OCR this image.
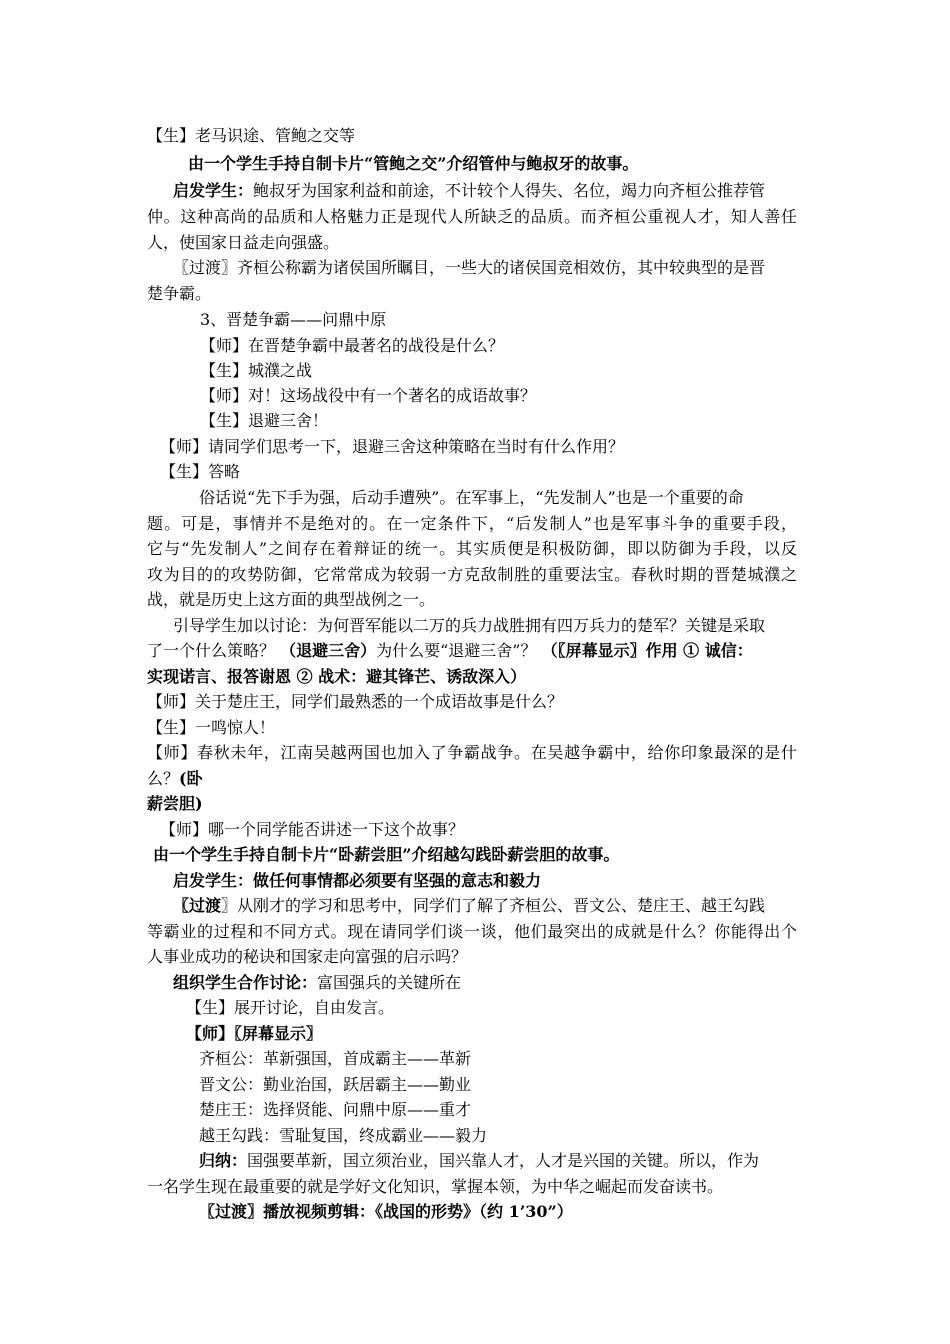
【生】老马识途、管鲍之交等
由一个学生手持自制卡片“管鲍之交”介绍管仲与鲍叔牙的故事。
启发学生：鲍叔牙为国家利益和前途，不计较个人得失、名位，竭力向齐桓公推荐管
仲。这种高尚的品质和人格魅力正是现代人所缺乏的品质。而齐桓公重视人才，知人善任
人，使国家日益走向强盛。
〖过渡〗齐桓公称霸为诸侯国所瞩目，一些大的诸侯国竞相效仿，其中较典型的是晋
楚争霸。
3、晋楚争霸——问鼎中原
【师】在晋楚争霸中最著名的战役是什么？
【生】城濮之战
【师】对！这场战役中有一个著名的成语故事？
【生】退避三舍！
【师】请同学们思考一下，退避三舍这种策略在当时有什么作用？
【生】答略
俗话说“先下手为强，后动手遭殃”。在军事上，“先发制人”也是一个重要的命
题。可是，事情并不是绝对的。在一定条件下，“后发制人”也是军事斗争的重要手段，
它与“先发制人”之间存在着辩证的统一。其实质便是积极防御，即以防御为手段，以反
攻为目的的攻势防御，它常常成为较弱一方克敌制胜的重要法宝。春秋时期的晋楚城濮之
战，就是历史上这方面的典型战例之一。
引导学生加以讨论：为何晋军能以二万的兵力战胜拥有四万兵力的楚军？关键是采取
了一个什么策略？ （退避三舍）为什么要“退避三舍”？ （〖屏幕显示〗作用 ① 诚信：
实现诺言、报答谢恩 ② 战术：避其锋芒、诱敌深入）
【师】关于楚庄王，同学们最熟悉的一个成语故事是什么？
【生】一鸣惊人！
【师】春秋未年，江南吴越两国也加入了争霸战争。在吴越争霸中，给你印象最深的是什
么？(卧
薪尝胆)
【师】哪一个同学能否讲述一下这个故事？
由一个学生手持自制卡片“卧薪尝胆”介绍越勾践卧薪尝胆的故事。
启发学生：做任何事情都必须要有坚强的意志和毅力
〖过渡〗从刚才的学习和思考中，同学们了解了齐桓公、晋文公、楚庄王、越王勾践
等霸业的过程和不同方式。现在请同学们谈一谈，他们最突出的成就是什么？你能得出个
人事业成功的秘诀和国家走向富强的启示吗？
组织学生合作讨论：富国强兵的关键所在
【生】展开讨论，自由发言。
【师】〖屏幕显示〗
齐桓公：革新强国，首成霸主——革新
晋文公：勤业治国，跃居霸主——勤业
楚庄王：选择贤能、问鼎中原——重才
越王勾践：雪耻复国，终成霸业——毅力
归纳：国强要革新，国立须治业，国兴靠人才，人才是兴国的关键。所以，作为
一名学生现在最重要的就是学好文化知识，掌握本领，为中华之崛起而发奋读书。
〖过渡〗播放视频剪辑：《战国的形势》（约 1’30”）
